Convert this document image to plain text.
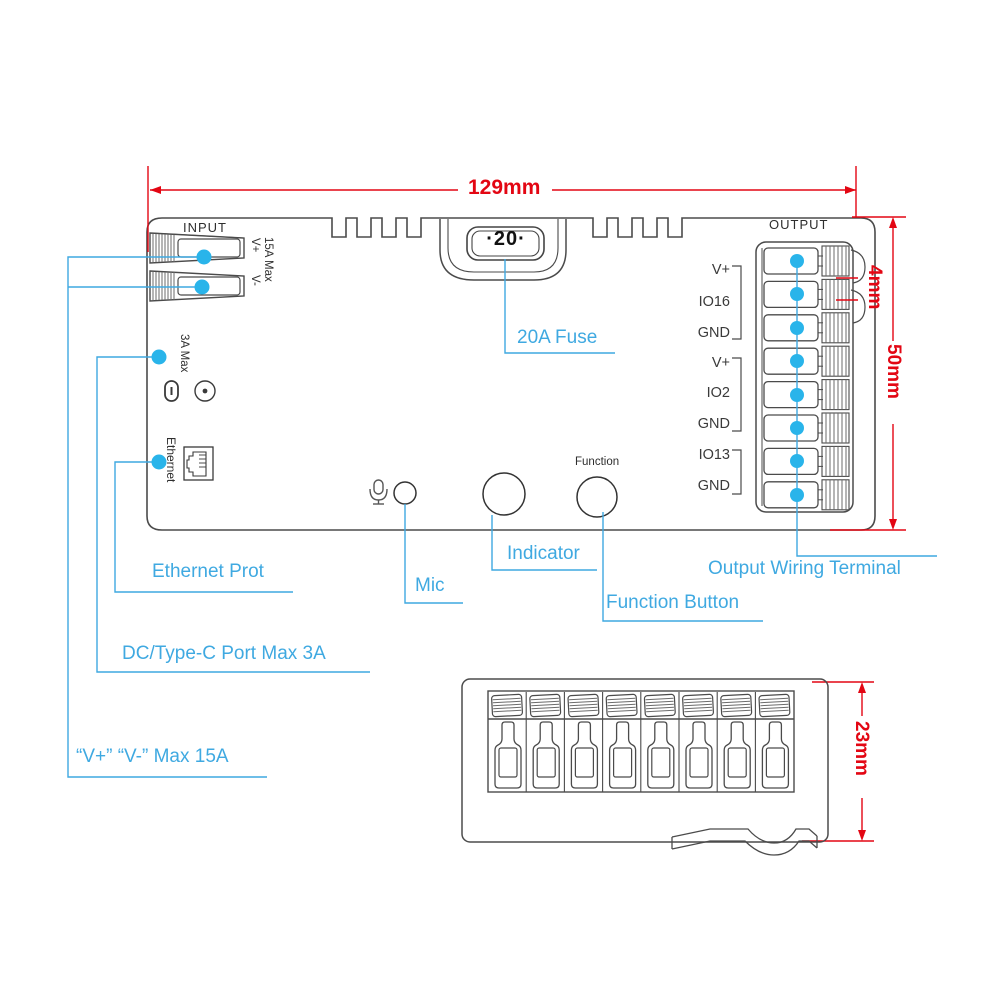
INPUT	OUTPUT
·20·
Function
V+ 15A Max
V-
3A Max
Ethernet
V+
IO16
GND
V+
IO2
GND
IO13
GND
129mm
4mm
50mm
23mm
20A Fuse
Output Wiring Terminal
Function Button
Indicator
Mic
Ethernet Prot
DC/Type-C Port Max 3A
“V+” “V-” Max 15A
